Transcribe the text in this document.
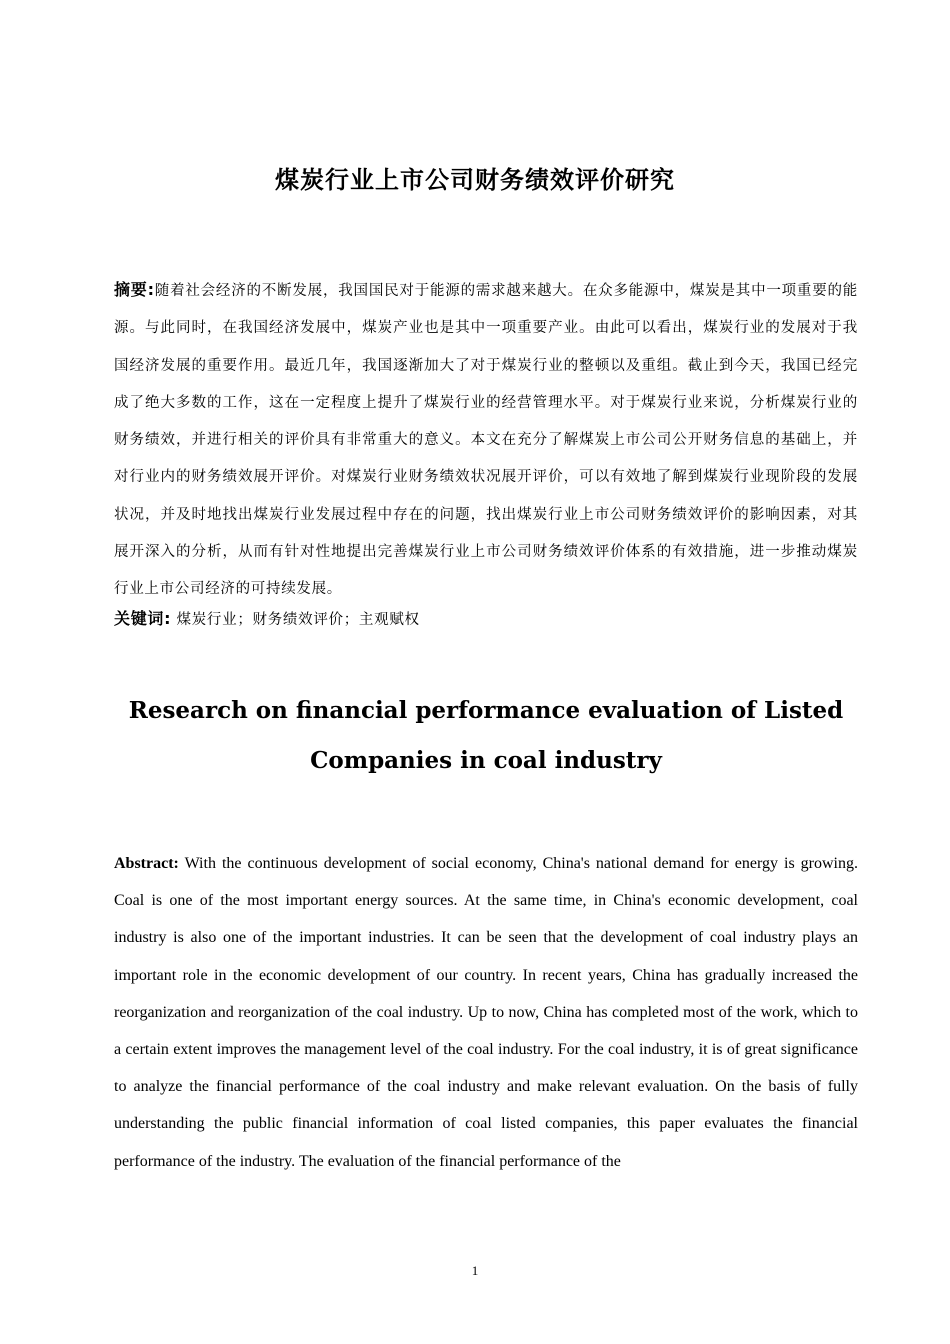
煤炭行业上市公司财务绩效评价研究

摘要:随着社会经济的不断发展，我国国民对于能源的需求越来越大。在众多能源中，煤炭是其中一项重要的能源。与此同时，在我国经济发展中，煤炭产业也是其中一项重要产业。由此可以看出，煤炭行业的发展对于我国经济发展的重要作用。最近几年，我国逐渐加大了对于煤炭行业的整顿以及重组。截止到今天，我国已经完成了绝大多数的工作，这在一定程度上提升了煤炭行业的经营管理水平。对于煤炭行业来说，分析煤炭行业的财务绩效，并进行相关的评价具有非常重大的意义。本文在充分了解煤炭上市公司公开财务信息的基础上，并对行业内的财务绩效展开评价。对煤炭行业财务绩效状况展开评价，可以有效地了解到煤炭行业现阶段的发展状况，并及时地找出煤炭行业发展过程中存在的问题，找出煤炭行业上市公司财务绩效评价的影响因素，对其展开深入的分析，从而有针对性地提出完善煤炭行业上市公司财务绩效评价体系的有效措施，进一步推动煤炭行业上市公司经济的可持续发展。

关键词: 煤炭行业；财务绩效评价；主观赋权

Research on financial performance evaluation of Listed Companies in coal industry

Abstract: With the continuous development of social economy, China's national demand for energy is growing. Coal is one of the most important energy sources. At the same time, in China's economic development, coal industry is also one of the important industries. It can be seen that the development of coal industry plays an important role in the economic development of our country. In recent years, China has gradually increased the reorganization and reorganization of the coal industry. Up to now, China has completed most of the work, which to a certain extent improves the management level of the coal industry. For the coal industry, it is of great significance to analyze the financial performance of the coal industry and make relevant evaluation. On the basis of fully understanding the public financial information of coal listed companies, this paper evaluates the financial performance of the industry. The evaluation of the financial performance of the

1
